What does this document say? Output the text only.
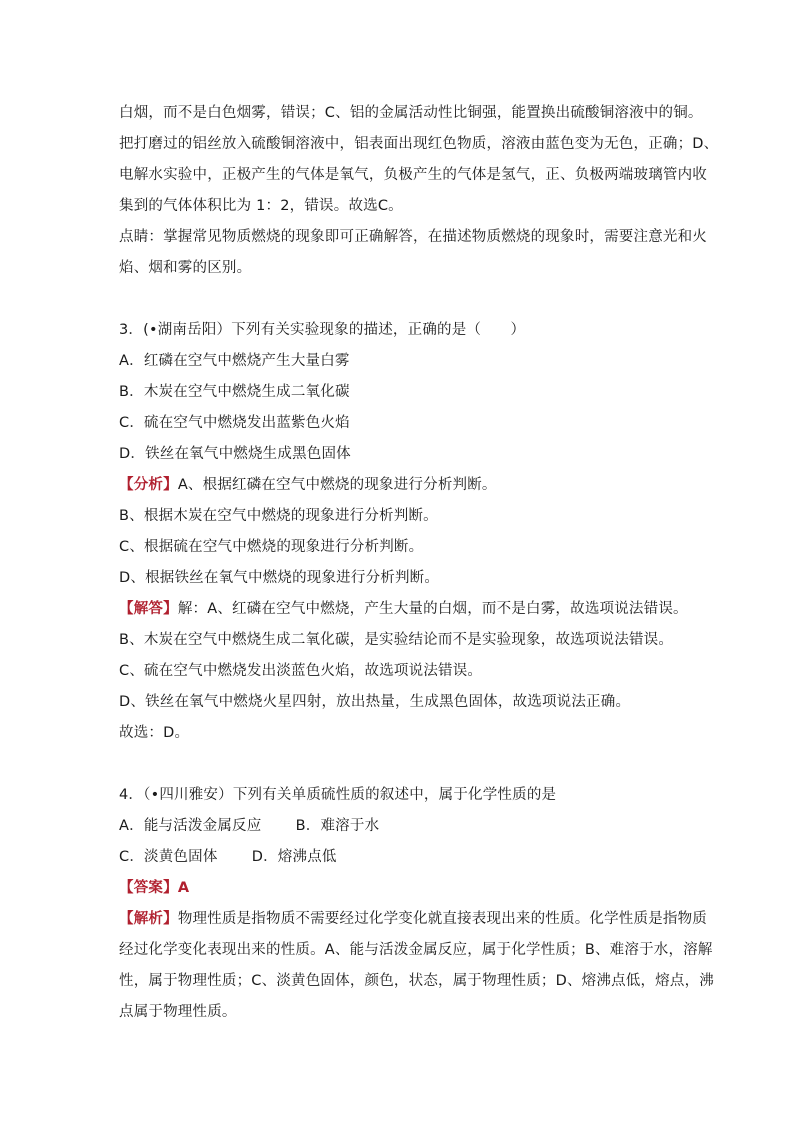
白烟，而不是白色烟雾，错误；C、铝的金属活动性比铜强，能置换出硫酸铜溶液中的铜。
把打磨过的铝丝放入硫酸铜溶液中，铝表面出现红色物质，溶液由蓝色变为无色，正确；D、
电解水实验中，正极产生的气体是氧气，负极产生的气体是氢气，正、负极两端玻璃管内收
集到的气体体积比为 1：2，错误。故选C。
点睛：掌握常见物质燃烧的现象即可正确解答，在描述物质燃烧的现象时，需要注意光和火
焰、烟和雾的区别。
3．(•湖南岳阳）下列有关实验现象的描述，正确的是（　　）
A．红磷在空气中燃烧产生大量白雾
B．木炭在空气中燃烧生成二氧化碳
C．硫在空气中燃烧发出蓝紫色火焰
D．铁丝在氧气中燃烧生成黑色固体
【分析】A、根据红磷在空气中燃烧的现象进行分析判断。
B、根据木炭在空气中燃烧的现象进行分析判断。
C、根据硫在空气中燃烧的现象进行分析判断。
D、根据铁丝在氧气中燃烧的现象进行分析判断。
【解答】解：A、红磷在空气中燃烧，产生大量的白烟，而不是白雾，故选项说法错误。
B、木炭在空气中燃烧生成二氧化碳，是实验结论而不是实验现象，故选项说法错误。
C、硫在空气中燃烧发出淡蓝色火焰，故选项说法错误。
D、铁丝在氧气中燃烧火星四射，放出热量，生成黑色固体，故选项说法正确。
故选：D。
4．（•四川雅安）下列有关单质硫性质的叙述中，属于化学性质的是
A．能与活泼金属反应　　 B．难溶于水
C．淡黄色固体　　 D．熔沸点低
【答案】A
【解析】物理性质是指物质不需要经过化学变化就直接表现出来的性质。化学性质是指物质
经过化学变化表现出来的性质。A、能与活泼金属反应，属于化学性质；B、难溶于水，溶解
性，属于物理性质；C、淡黄色固体，颜色，状态，属于物理性质；D、熔沸点低，熔点，沸
点属于物理性质。
